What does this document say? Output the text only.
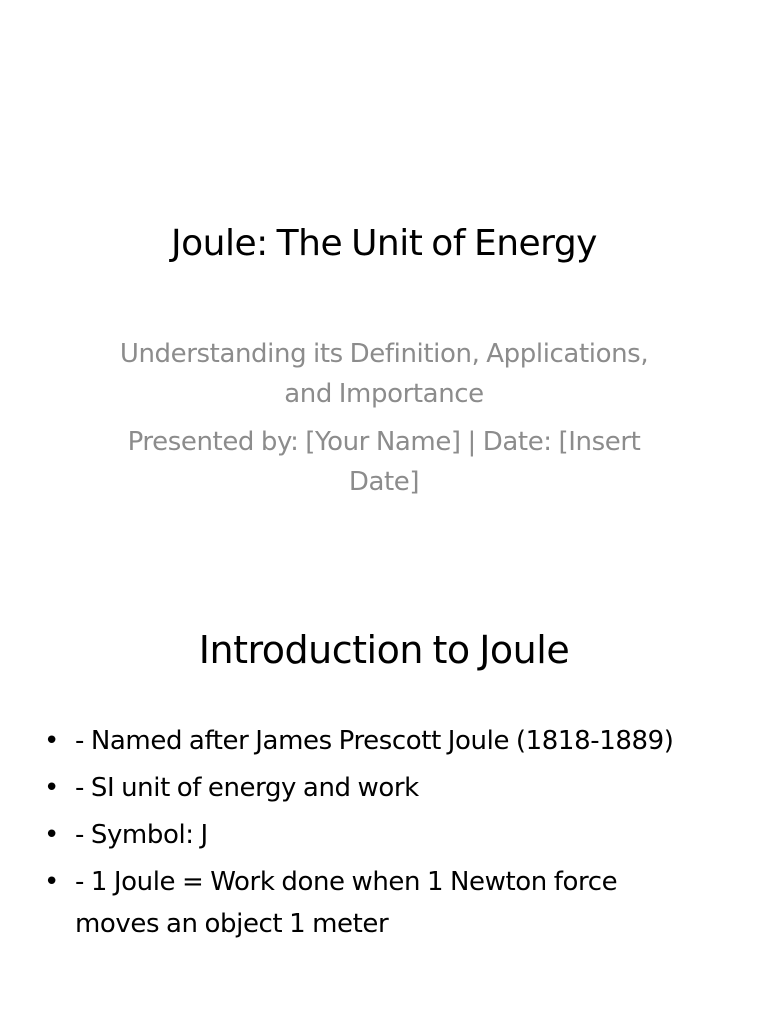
Joule: The Unit of Energy

Understanding its Definition, Applications, and Importance

Presented by: [Your Name] | Date: [Insert Date]

Introduction to Joule
• - Named after James Prescott Joule (1818-1889)
• - SI unit of energy and work
• - Symbol: J
• - 1 Joule = Work done when 1 Newton force moves an object 1 meter
